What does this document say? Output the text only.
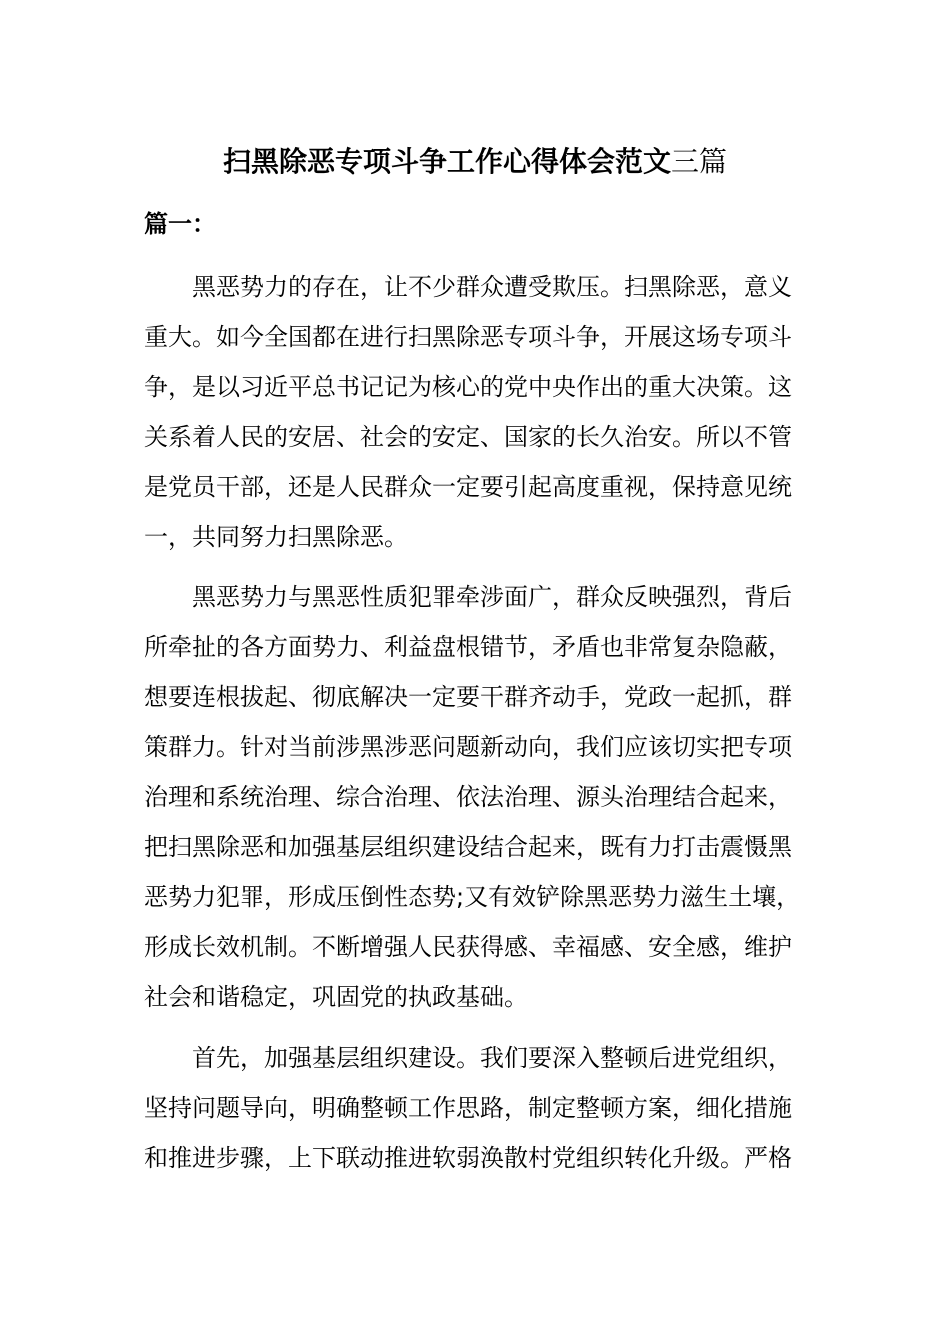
扫黑除恶专项斗争工作心得体会范文三篇
篇一：
黑恶势力的存在，让不少群众遭受欺压。扫黑除恶，意义
重大。如今全国都在进行扫黑除恶专项斗争，开展这场专项斗
争，是以习近平总书记记为核心的党中央作出的重大决策。这
关系着人民的安居、社会的安定、国家的长久治安。所以不管
是党员干部，还是人民群众一定要引起高度重视，保持意见统
一，共同努力扫黑除恶。
黑恶势力与黑恶性质犯罪牵涉面广，群众反映强烈，背后
所牵扯的各方面势力、利益盘根错节，矛盾也非常复杂隐蔽，
想要连根拔起、彻底解决一定要干群齐动手，党政一起抓，群
策群力。针对当前涉黑涉恶问题新动向，我们应该切实把专项
治理和系统治理、综合治理、依法治理、源头治理结合起来，
把扫黑除恶和加强基层组织建设结合起来，既有力打击震慑黑
恶势力犯罪，形成压倒性态势;又有效铲除黑恶势力滋生土壤，
形成长效机制。不断增强人民获得感、幸福感、安全感，维护
社会和谐稳定，巩固党的执政基础。
首先，加强基层组织建设。我们要深入整顿后进党组织，
坚持问题导向，明确整顿工作思路，制定整顿方案，细化措施
和推进步骤，上下联动推进软弱涣散村党组织转化升级。严格
